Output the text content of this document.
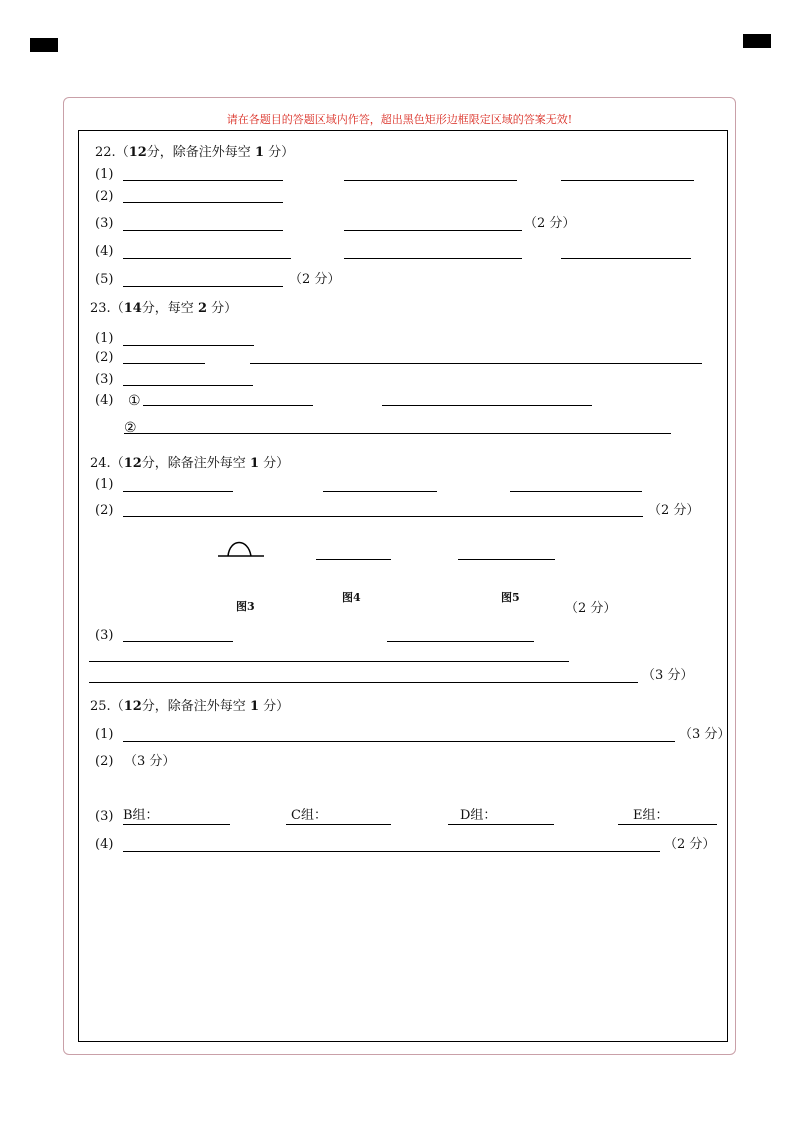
请在各题目的答题区域内作答，超出黑色矩形边框限定区域的答案无效!
22.（12分，除备注外每空 1 分）
(1)
(2)
(3)	（2 分）
(4)
(5)	（2 分）
23.（14分，每空 2 分）
(1)
(2)
(3)
(4) ①
②
24.（12分，除备注外每空 1 分）
(1)
(2)	（2 分）
图3
图4	图5
（2 分）
(3)
（3 分）
25.（12分，除备注外每空 1 分）
(1)	（3 分）
(2) （3 分）
(3) B组：	C组：	D组：	E组：
(4)	（2 分）
